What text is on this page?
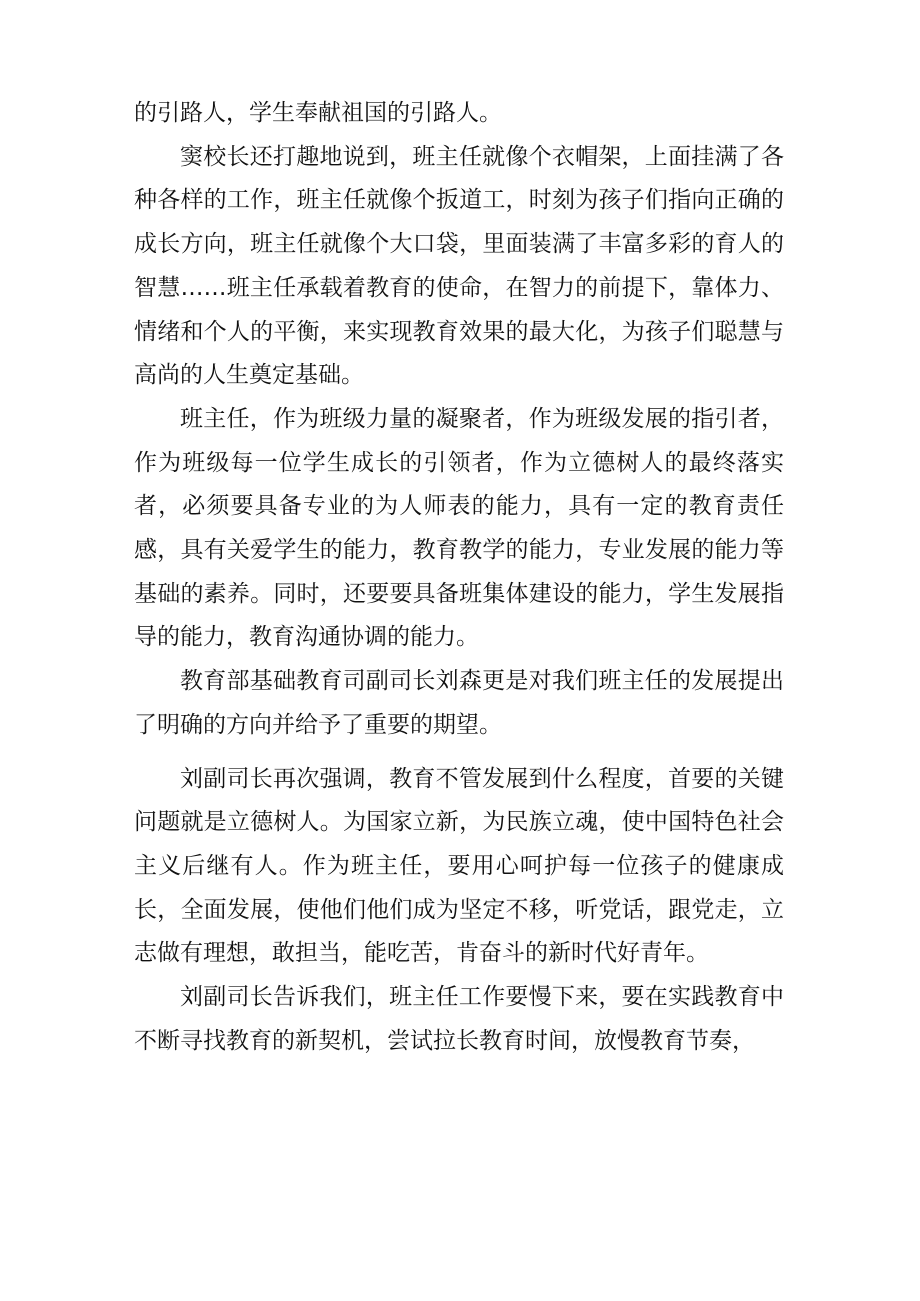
的引路人，学生奉献祖国的引路人。

窦校长还打趣地说到，班主任就像个衣帽架，上面挂满了各种各样的工作，班主任就像个扳道工，时刻为孩子们指向正确的成长方向，班主任就像个大口袋，里面装满了丰富多彩的育人的智慧……班主任承载着教育的使命，在智力的前提下，靠体力、情绪和个人的平衡，来实现教育效果的最大化，为孩子们聪慧与高尚的人生奠定基础。

班主任，作为班级力量的凝聚者，作为班级发展的指引者，作为班级每一位学生成长的引领者，作为立德树人的最终落实者，必须要具备专业的为人师表的能力，具有一定的教育责任感，具有关爱学生的能力，教育教学的能力，专业发展的能力等基础的素养。同时，还要要具备班集体建设的能力，学生发展指导的能力，教育沟通协调的能力。

教育部基础教育司副司长刘森更是对我们班主任的发展提出了明确的方向并给予了重要的期望。

刘副司长再次强调，教育不管发展到什么程度，首要的关键问题就是立德树人。为国家立新，为民族立魂，使中国特色社会主义后继有人。作为班主任，要用心呵护每一位孩子的健康成长，全面发展，使他们他们成为坚定不移，听党话，跟党走，立志做有理想，敢担当，能吃苦，肯奋斗的新时代好青年。

刘副司长告诉我们，班主任工作要慢下来，要在实践教育中不断寻找教育的新契机，尝试拉长教育时间，放慢教育节奏，
